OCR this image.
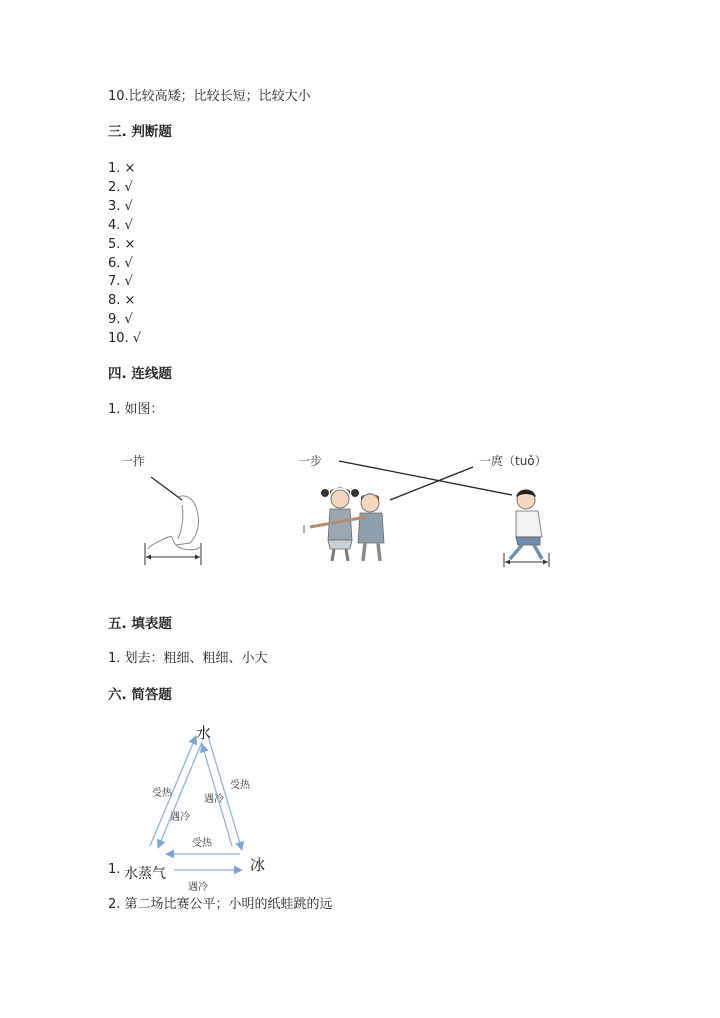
10.比较高矮；比较长短；比较大小
三. 判断题
1. ×
2. √
3. √
4. √
5. ×
6. √
7. √
8. ×
9. √
10. √
四. 连线题
1. 如图：
一拃	一步	一庹（tuǒ）
五. 填表题
1. 划去：粗细、粗细、小大
六. 简答题
水
水蒸气	冰
受热
遇冷
受热
遇冷
受热
遇冷
1.
2. 第二场比赛公平；小明的纸蛙跳的远
